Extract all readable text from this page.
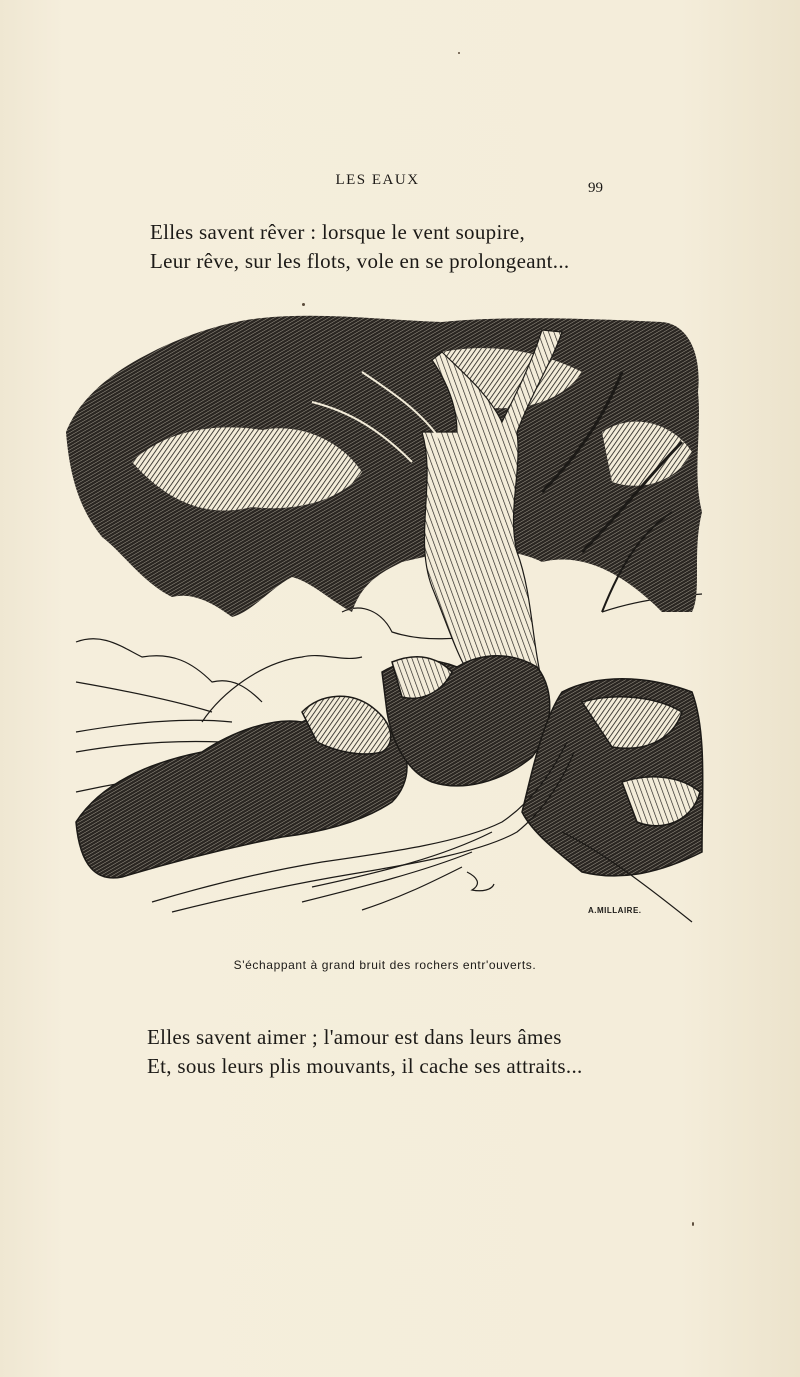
LES EAUX	99
Elles savent rêver : lorsque le vent soupire,
Leur rêve, sur les flots, vole en se prolongeant...
A.MILLAIRE.
S'échappant à grand bruit des rochers entr'ouverts.
Elles savent aimer ; l'amour est dans leurs âmes
Et, sous leurs plis mouvants, il cache ses attraits...
